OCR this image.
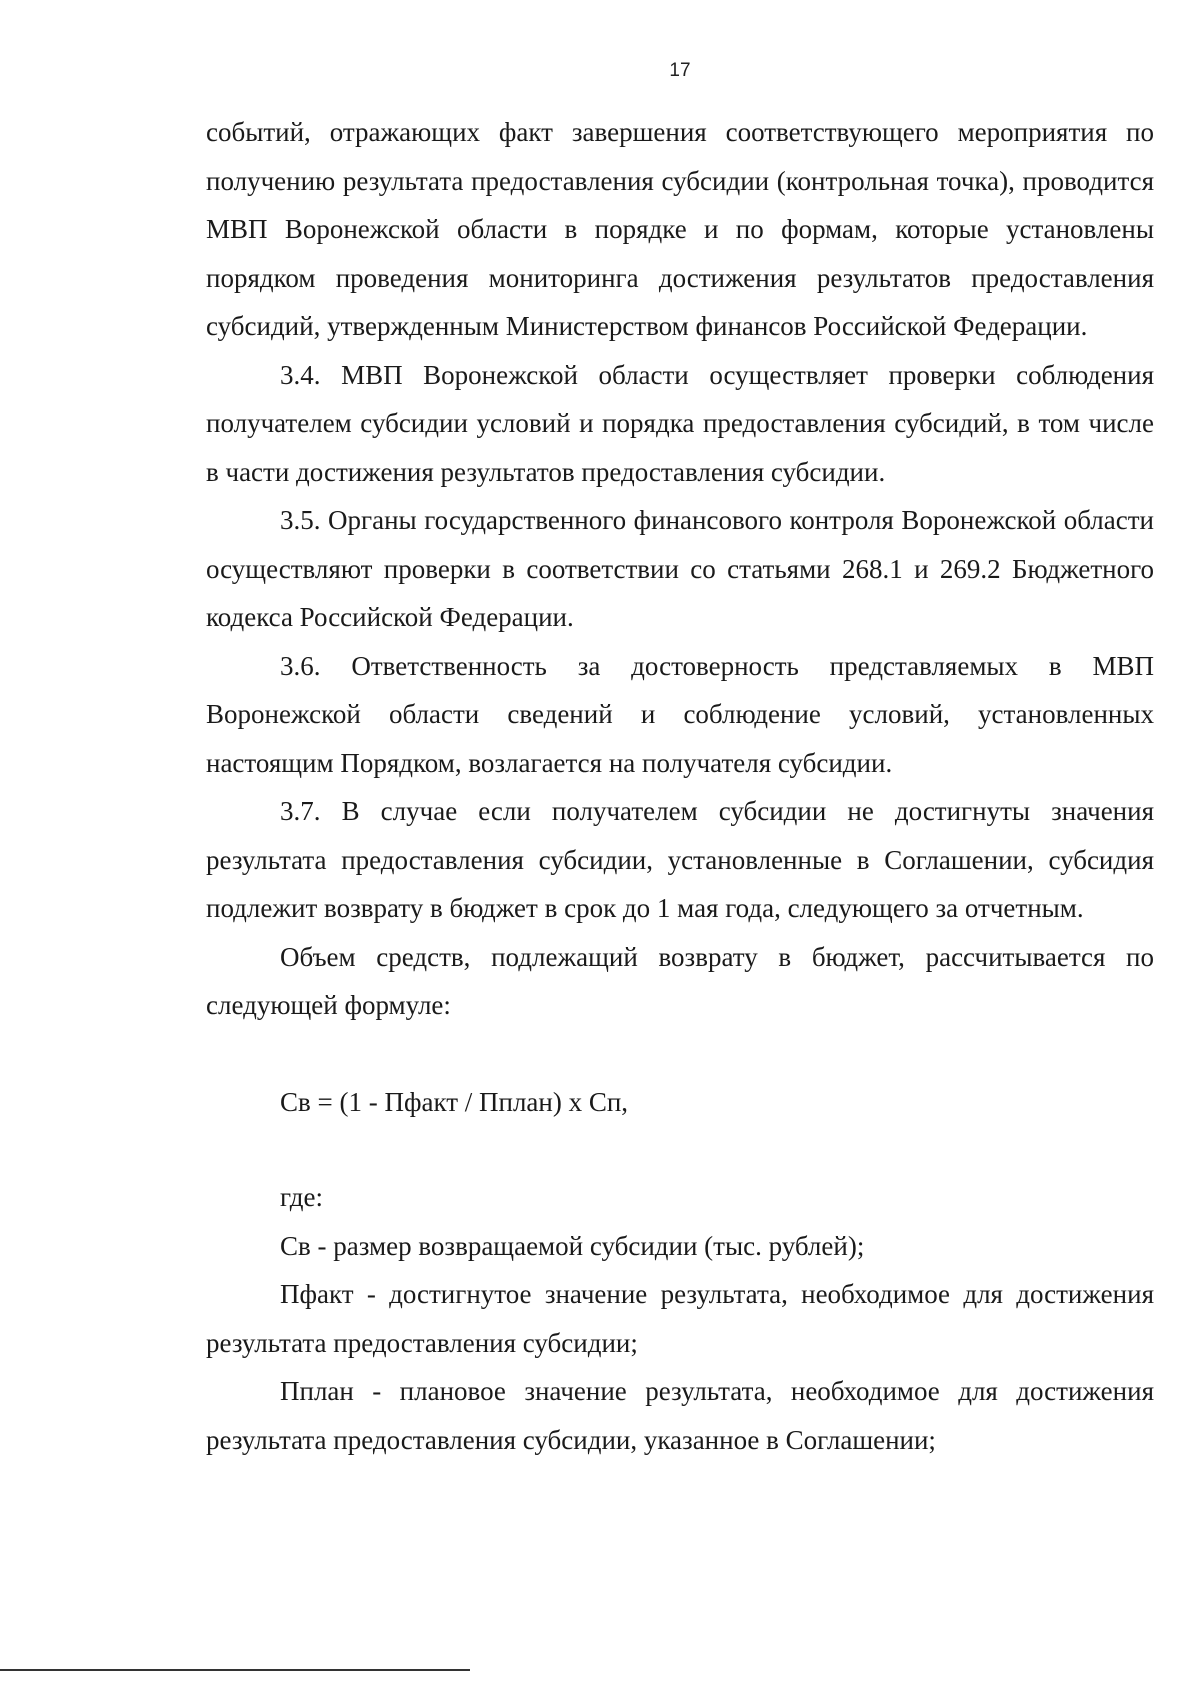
17

событий, отражающих факт завершения соответствующего мероприятия по получению результата предоставления субсидии (контрольная точка), проводится МВП Воронежской области в порядке и по формам, которые установлены порядком проведения мониторинга достижения результатов предоставления субсидий, утвержденным Министерством финансов Российской Федерации.

3.4. МВП Воронежской области осуществляет проверки соблюдения получателем субсидии условий и порядка предоставления субсидий, в том числе в части достижения результатов предоставления субсидии.

3.5. Органы государственного финансового контроля Воронежской области осуществляют проверки в соответствии со статьями 268.1 и 269.2 Бюджетного кодекса Российской Федерации.

3.6. Ответственность за достоверность представляемых в МВП Воронежской области сведений и соблюдение условий, установленных настоящим Порядком, возлагается на получателя субсидии.

3.7. В случае если получателем субсидии не достигнуты значения результата предоставления субсидии, установленные в Соглашении, субсидия подлежит возврату в бюджет в срок до 1 мая года, следующего за отчетным.

Объем средств, подлежащий возврату в бюджет, рассчитывается по следующей формуле:

Св = (1 - Пфакт / Пплан) x Сп,

где:

Св - размер возвращаемой субсидии (тыс. рублей);

Пфакт - достигнутое значение результата, необходимое для достижения результата предоставления субсидии;

Пплан - плановое значение результата, необходимое для достижения результата предоставления субсидии, указанное в Соглашении;
